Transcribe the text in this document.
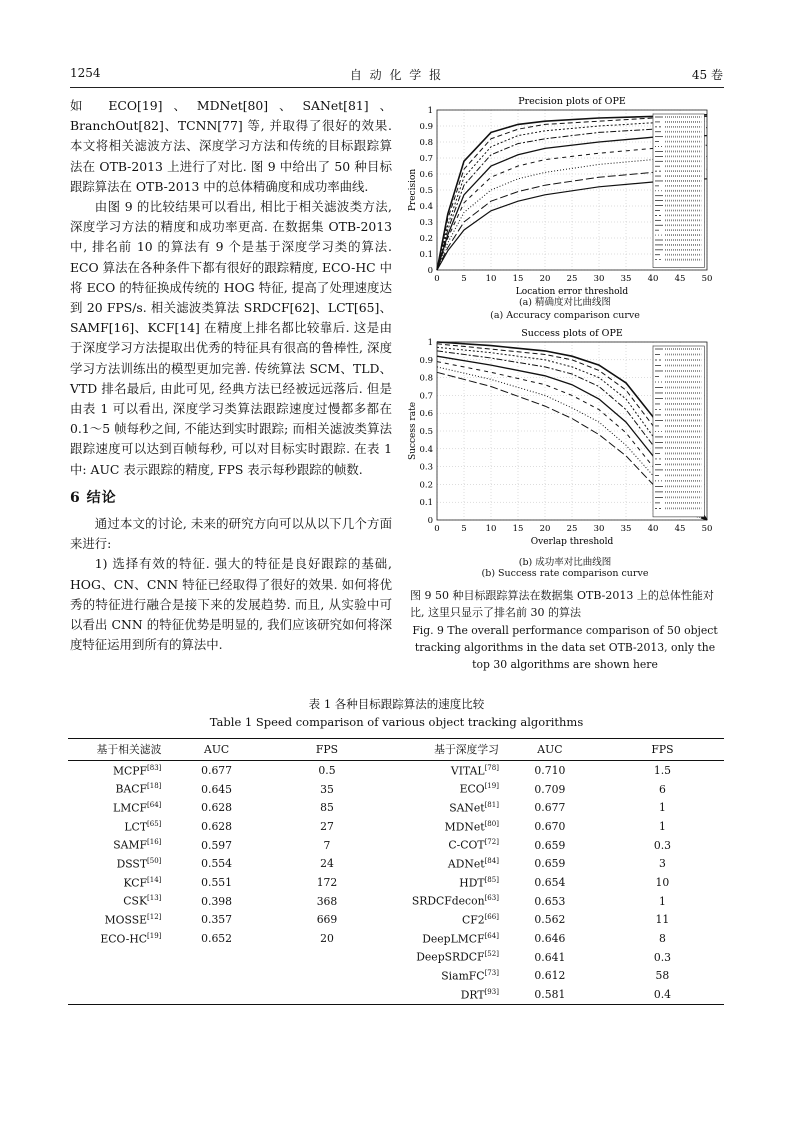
1254	自 动 化 学 报	45 卷

如 ECO[19]、MDNet[80]、SANet[81]、BranchOut[82]、TCNN[77] 等, 并取得了很好的效果. 本文将相关滤波方法、深度学习方法和传统的目标跟踪算法在 OTB-2013 上进行了对比. 图 9 中给出了 50 种目标跟踪算法在 OTB-2013 中的总体精确度和成功率曲线.

由图 9 的比较结果可以看出, 相比于相关滤波类方法, 深度学习方法的精度和成功率更高. 在数据集 OTB-2013 中, 排名前 10 的算法有 9 个是基于深度学习类的算法. ECO 算法在各种条件下都有很好的跟踪精度, ECO-HC 中将 ECO 的特征换成传统的 HOG 特征, 提高了处理速度达到 20 FPS/s. 相关滤波类算法 SRDCF[62]、LCT[65]、SAMF[16]、KCF[14] 在精度上排名都比较靠后. 这是由于深度学习方法提取出优秀的特征具有很高的鲁棒性, 深度学习方法训练出的模型更加完善. 传统算法 SCM、TLD、VTD 排名最后, 由此可见, 经典方法已经被远远落后. 但是由表 1 可以看出, 深度学习类算法跟踪速度过慢都多都在 0.1～5 帧每秒之间, 不能达到实时跟踪; 而相关滤波类算法跟踪速度可以达到百帧每秒, 可以对目标实时跟踪. 在表 1 中: AUC 表示跟踪的精度, FPS 表示每秒跟踪的帧数.

6 结论

通过本文的讨论, 未来的研究方向可以从以下几个方面来进行:

1) 选择有效的特征. 强大的特征是良好跟踪的基础, HOG、CN、CNN 特征已经取得了很好的效果. 如何将优秀的特征进行融合是接下来的发展趋势. 而且, 从实验中可以看出 CNN 的特征优势是明显的, 我们应该研究如何将深度特征运用到所有的算法中.

Precision plots of OPE
0
0.1
0.2
0.3
0.4
0.5
0.6
0.7
0.8
0.9
1
0	5 10 15 20 25 30 35 40 45 50
Location error threshold
Precision
(a) 精确度对比曲线图
(a) Accuracy comparison curve
Success plots of OPE
0
0.1
0.2
0.3
0.4
0.5
0.6
0.7
0.8
0.9
1
0	5 10 15 20 25 30 35 40 45 50
Overlap threshold
Success rate
(b) 成功率对比曲线图
(b) Success rate comparison curve
图 9 50 种目标跟踪算法在数据集 OTB-2013 上的总体性能对比, 这里只显示了排名前 30 的算法
Fig. 9 The overall performance comparison of 50 object tracking algorithms in the data set OTB-2013, only the top 30 algorithms are shown here
表 1 各种目标跟踪算法的速度比较
Table 1 Speed comparison of various object tracking algorithms
基于相关滤波	AUC	FPS	基于深度学习	AUC	FPS
MCPF[83]	0.677	0.5	VITAL[78]	0.710	1.5
BACF[18]	0.645	35	ECO[19]	0.709	6
LMCF[64]	0.628	85	SANet[81]	0.677	1
LCT[65]	0.628	27	MDNet[80]	0.670	1
SAMF[16]	0.597	7	C-COT[72]	0.659	0.3
DSST[50]	0.554	24	ADNet[84]	0.659	3
KCF[14]	0.551	172	HDT[85]	0.654	10
CSK[13]	0.398	368	SRDCFdecon[63]	0.653	1
MOSSE[12]	0.357	669	CF2[66]	0.562	11
ECO-HC[19]	0.652	20	DeepLMCF[64]	0.646	8
			DeepSRDCF[52]	0.641	0.3
			SiamFC[73]	0.612	58
			DRT[93]	0.581	0.4
